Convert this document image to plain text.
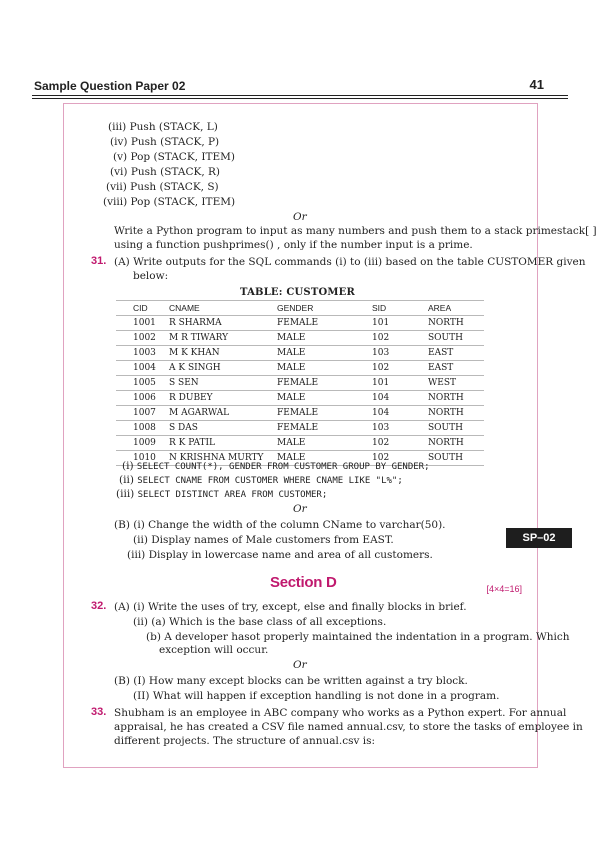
Sample Question Paper 02	41
SP–02
(iii) Push (STACK, L)
(iv) Push (STACK, P)
(v) Pop (STACK, ITEM)
(vi) Push (STACK, R)
(vii) Push (STACK, S)
(viii) Pop (STACK, ITEM)
Or
Write a Python program to input as many numbers and push them to a stack primestack[ ]
using a function pushprimes() , only if the number input is a prime.
31. (A) Write outputs for the SQL commands (i) to (iii) based on the table CUSTOMER given
below:
TABLE: CUSTOMER
CID	CNAME	GENDER	SID	AREA
1001	R SHARMA	FEMALE	101	NORTH
1002	M R TIWARY	MALE	102	SOUTH
1003	M K KHAN	MALE	103	EAST
1004	A K SINGH	MALE	102	EAST
1005	S SEN	FEMALE	101	WEST
1006	R DUBEY	MALE	104	NORTH
1007	M AGARWAL	FEMALE	104	NORTH
1008	S DAS	FEMALE	103	SOUTH
1009	R K PATIL	MALE	102	NORTH
1010	N KRISHNA MURTY	MALE	102	SOUTH
(i) SELECT COUNT(*), GENDER FROM CUSTOMER GROUP BY GENDER;
(ii) SELECT CNAME FROM CUSTOMER WHERE CNAME LIKE "L%";
(iii) SELECT DISTINCT AREA FROM CUSTOMER;
Or
(B) (i) Change the width of the column CName to varchar(50).
(ii) Display names of Male customers from EAST.
(iii) Display in lowercase name and area of all customers.
Section D	[4×4=16]
32. (A) (i) Write the uses of try, except, else and finally blocks in brief.
(ii) (a) Which is the base class of all exceptions.
(b) A developer hasot properly maintained the indentation in a program. Which
exception will occur.
Or
(B) (I) How many except blocks can be written against a try block.
(II) What will happen if exception handling is not done in a program.
33. Shubham is an employee in ABC company who works as a Python expert. For annual
appraisal, he has created a CSV file named annual.csv, to store the tasks of employee in
different projects. The structure of annual.csv is:
